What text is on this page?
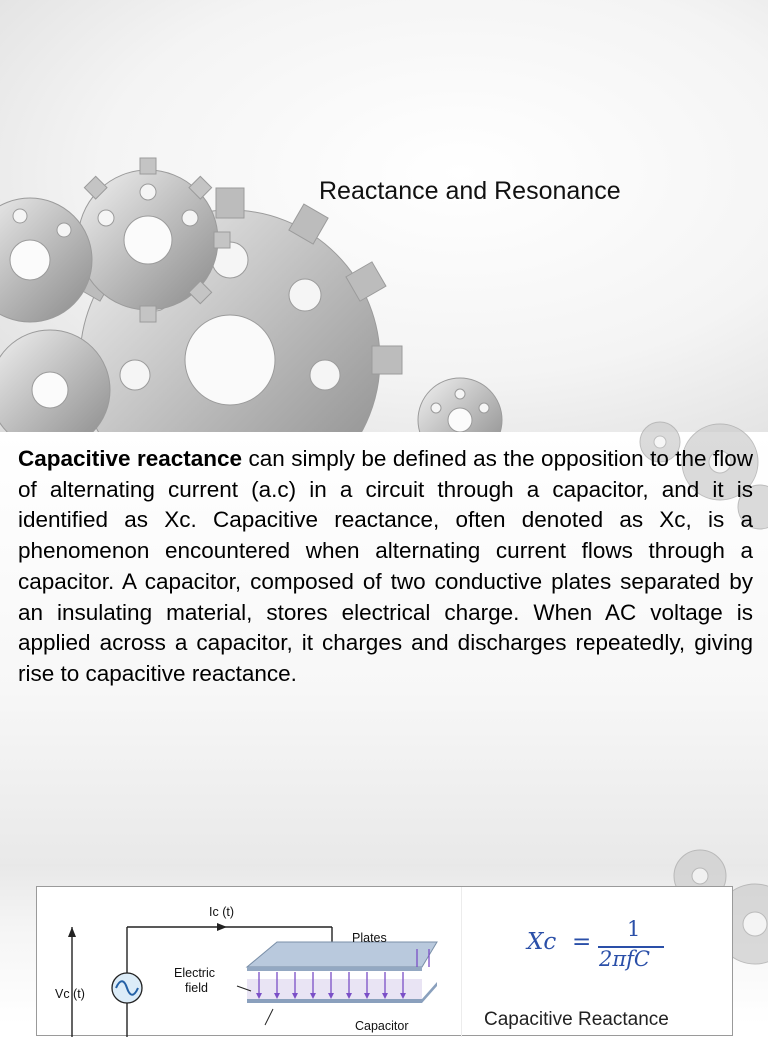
Reactance and Resonance

Capacitive reactance can simply be defined as the opposition to the flow of alternating current (a.c) in a circuit through a capacitor, and it is identified as Xc. Capacitive reactance, often denoted as Xc, is a phenomenon encountered when alternating current flows through a capacitor. A capacitor, composed of two conductive plates separated by an insulating material, stores electrical charge. When AC voltage is applied across a capacitor, it charges and discharges repeatedly, giving rise to capacitive reactance.

Ic (t)
Plates
Electric
field
Vc (t)
Capacitor
Xc = 1
2πfC
Capacitive Reactance
